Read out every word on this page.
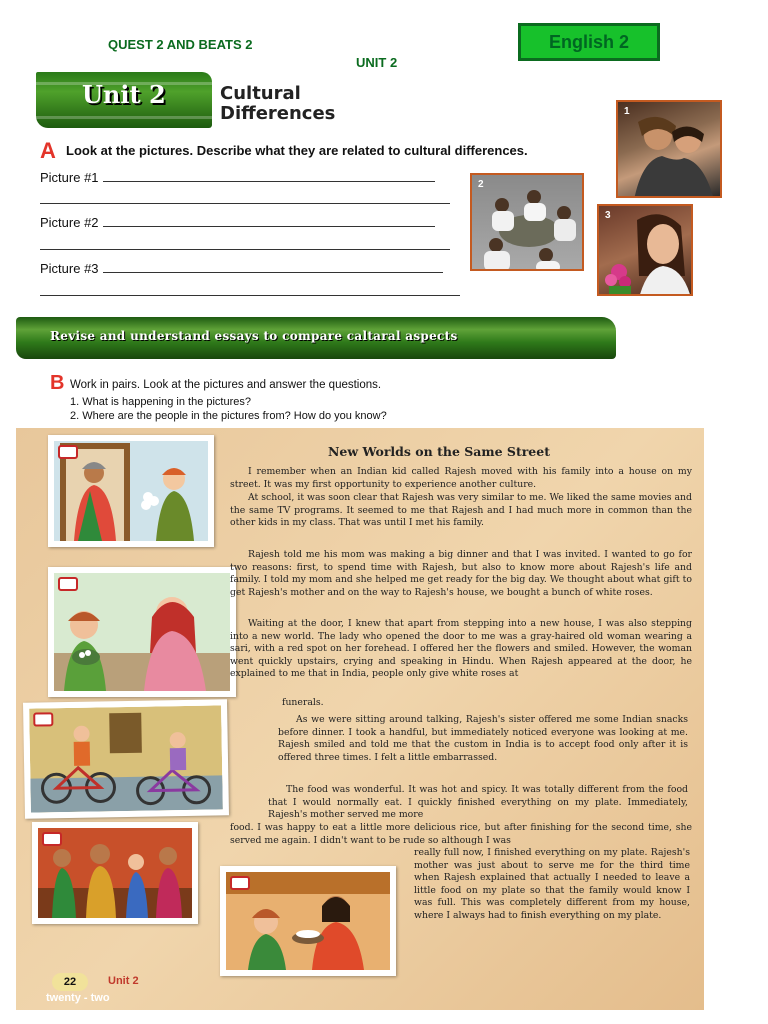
QUEST 2 AND BEATS 2
UNIT 2
English 2
Unit 2	Cultural
Differences
A Look at the pictures. Describe what they are related to cultural differences.
Picture #1
Picture #2
Picture #3
1
2
3
Revise and understand essays to compare caltaral aspects
B Work in pairs. Look at the pictures and answer the questions.
1. What is happening in the pictures?
2. Where are the people in the pictures from? How do you know?
New Worlds on the Same Street
I remember when an Indian kid called Rajesh moved with his family into a house on my street. It was my first opportunity to experience another culture.
At school, it was soon clear that Rajesh was very similar to me. We liked the same movies and the same TV programs. It seemed to me that Rajesh and I had much more in common than the other kids in my class. That was until I met his family.
Rajesh told me his mom was making a big dinner and that I was invited. I wanted to go for two reasons: first, to spend time with Rajesh, but also to know more about Rajesh's life and family. I told my mom and she helped me get ready for the big day. We thought about what gift to get Rajesh's mother and on the way to Rajesh's house, we bought a bunch of white roses.
Waiting at the door, I knew that apart from stepping into a new house, I was also stepping into a new world. The lady who opened the door to me was a gray-haired old woman wearing a sari, with a red spot on her forehead. I offered her the flowers and smiled. However, the woman went quickly upstairs, crying and speaking in Hindu. When Rajesh appeared at the door, he explained to me that in India, people only give white roses at
funerals.
As we were sitting around talking, Rajesh's sister offered me some Indian snacks before dinner. I took a handful, but immediately noticed everyone was looking at me. Rajesh smiled and told me that the custom in India is to accept food only after it is offered three times. I felt a little embarrassed.
The food was wonderful. It was hot and spicy. It was totally different from the food that I would normally eat. I quickly finished everything on my plate. Immediately, Rajesh's mother served me more
food. I was happy to eat a little more delicious rice, but after finishing for the second time, she served me again. I didn't want to be rude so although I was
really full now, I finished everything on my plate. Rajesh's mother was just about to serve me for the third time when Rajesh explained that actually I needed to leave a little food on my plate so that the family would know I was full. This was completely different from my house, where I always had to finish everything on my plate.
22	Unit 2
twenty - two
